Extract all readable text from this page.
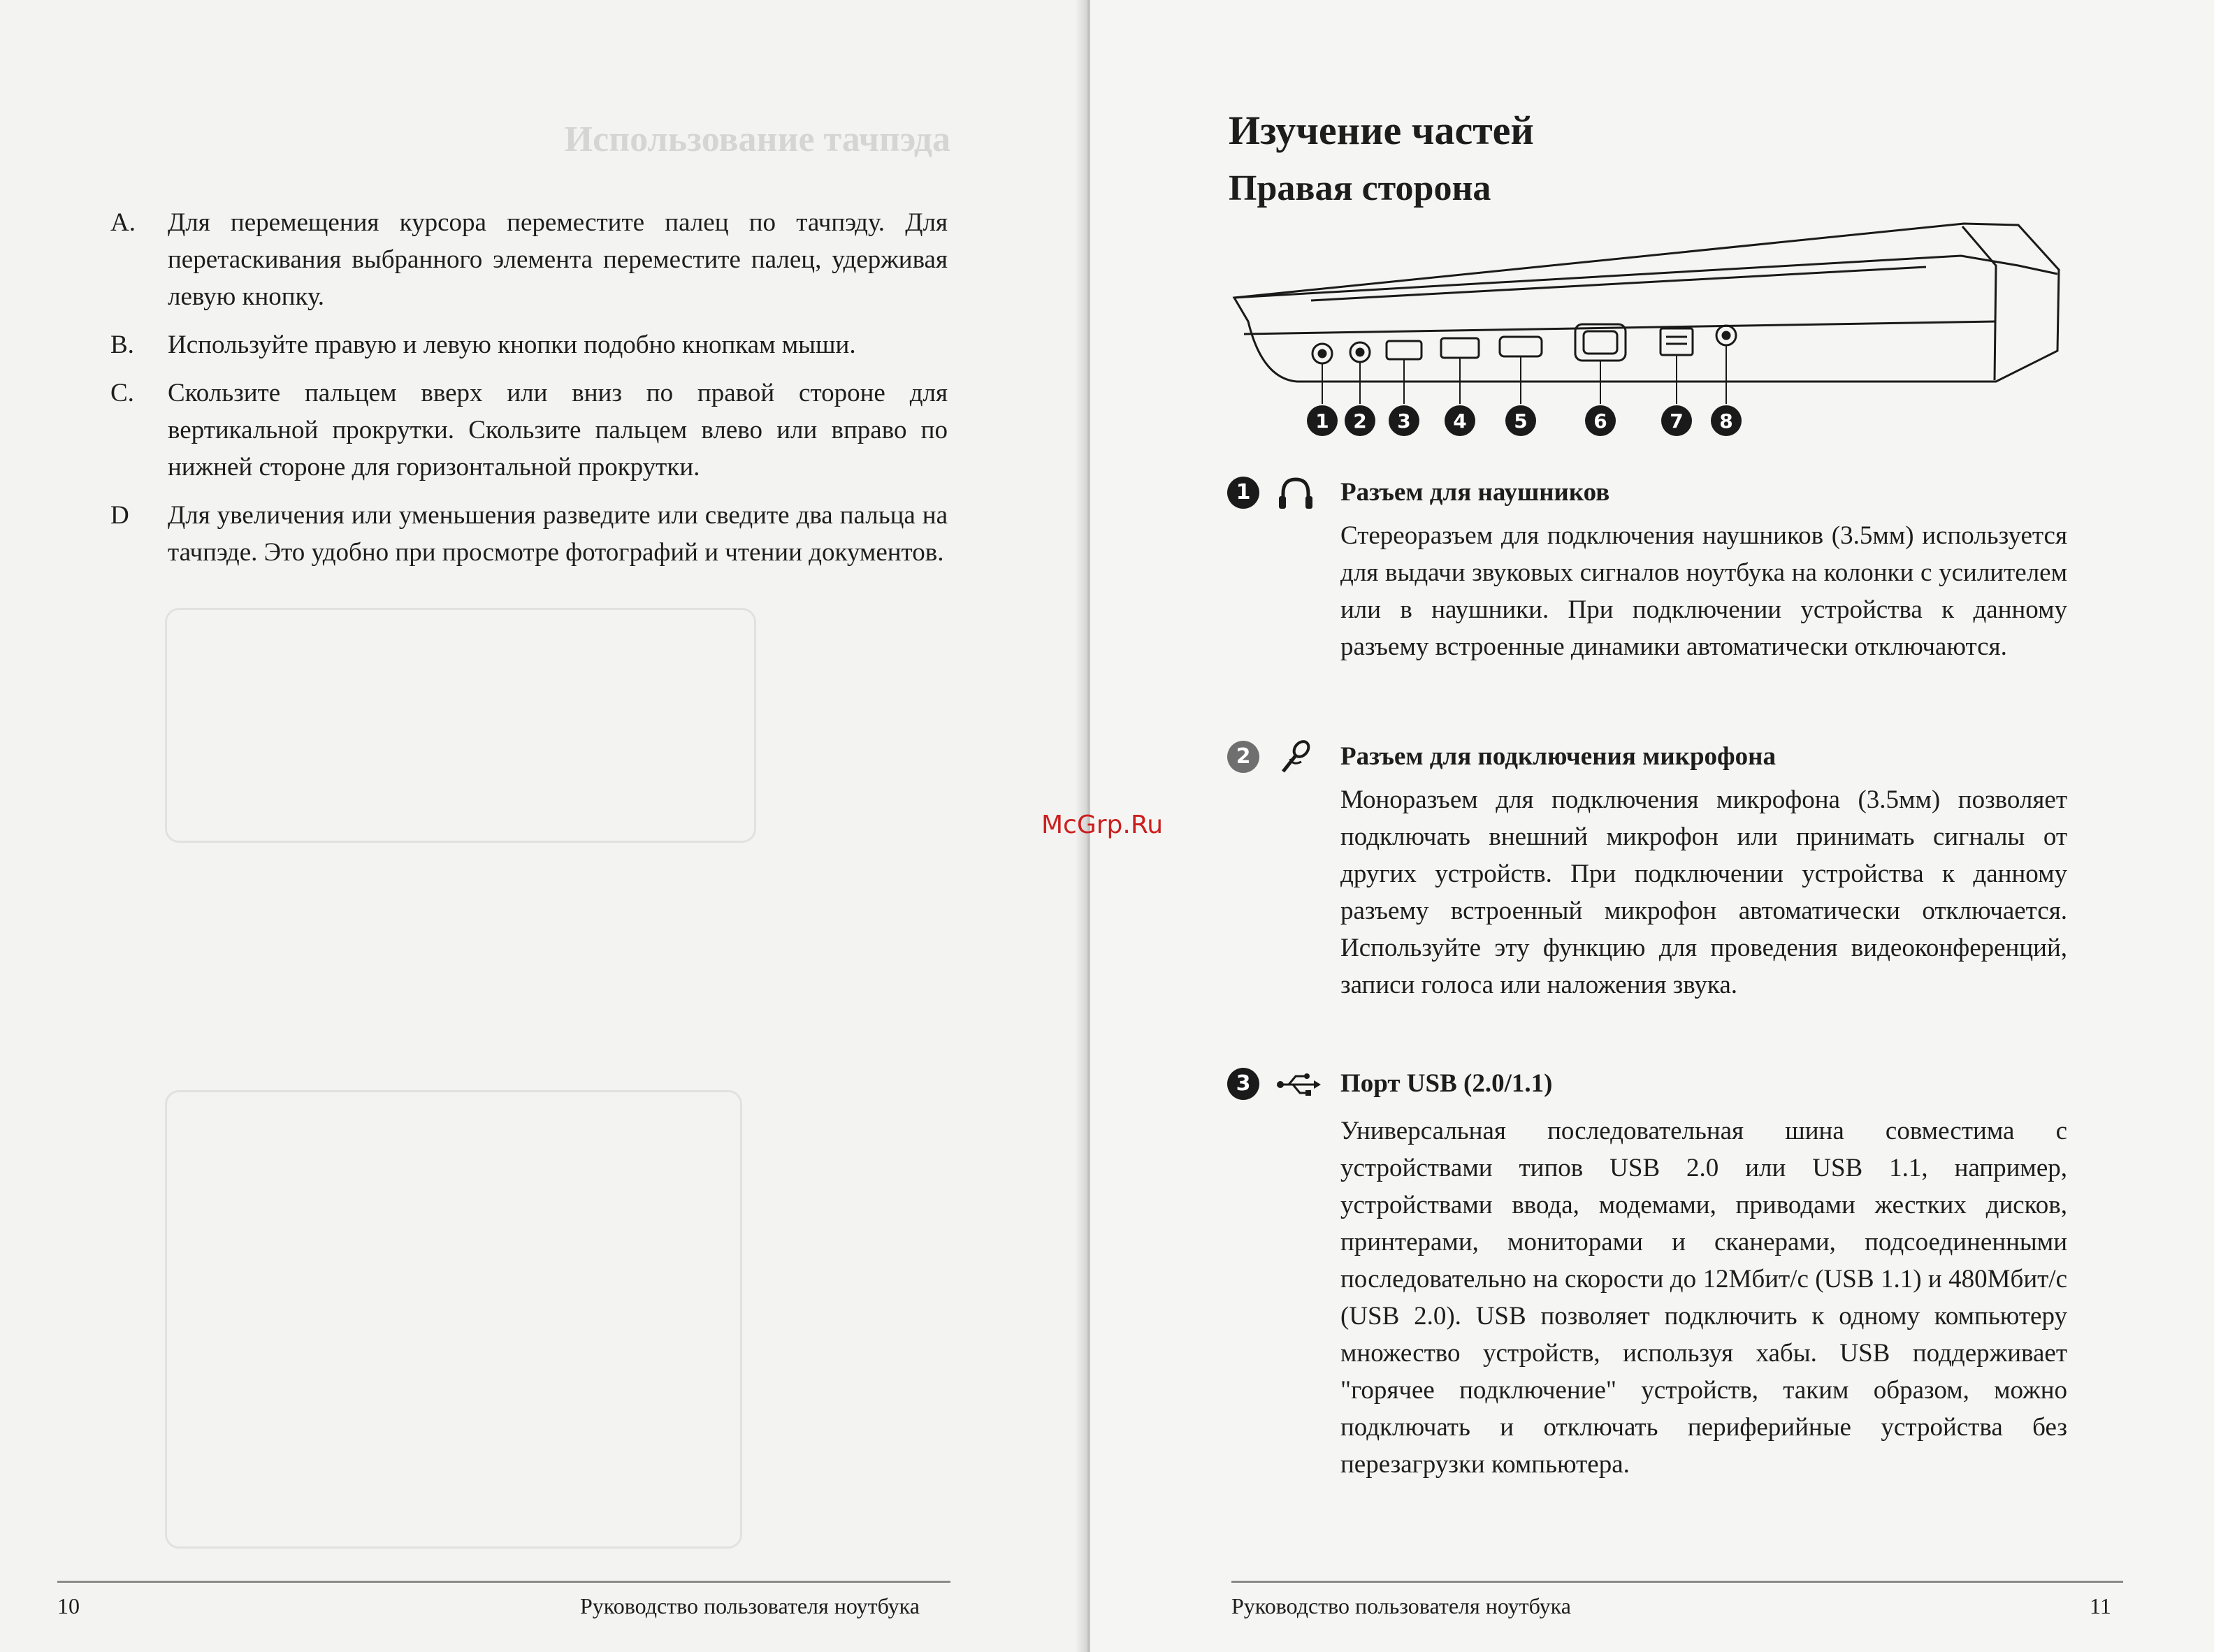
Использование тачпэда
A. Для перемещения курсора переместите палец по тачпэду. Для перетаскивания выбранного элемента переместите палец, удерживая левую кнопку.
B. Используйте правую и левую кнопки подобно кнопкам мыши.
C. Скользите пальцем вверх или вниз по правой стороне для вертикальной прокрутки. Скользите пальцем влево или вправо по нижней стороне для горизонтальной прокрутки.
D Для увеличения или уменьшения разведите или сведите два пальца на тачпэде. Это удобно при просмотре фотографий и чтении документов.
10	Руководство пользователя ноутбука
Изучение частей
Правая сторона
1 2 3 4 5	6	7 8
1	Разъем для наушников
Стереоразъем для подключения наушников (3.5мм) используется для выдачи звуковых сигналов ноутбука на колонки с усилителем или в наушники. При подключении устройства к данному разъему встроенные динамики автоматически отключаются.
2	Разъем для подключения микрофона
Моноразъем для подключения микрофона (3.5мм) позволяет подключать внешний микрофон или принимать сигналы от других устройств. При подключении устройства к данному разъему встроенный микрофон автоматически отключается. Используйте эту функцию для проведения видеоконференций, записи голоса или наложения звука.
3	Порт USB (2.0/1.1)
Универсальная последовательная шина совместима с устройствами типов USB 2.0 или USB 1.1, например, устройствами ввода, модемами, приводами жестких дисков, принтерами, мониторами и сканерами, подсоединенными последовательно на скорости до 12Мбит/с (USB 1.1) и 480Мбит/с (USB 2.0). USB позволяет подключить к одному компьютеру множество устройств, используя хабы. USB поддерживает "горячее подключение" устройств, таким образом, можно подключать и отключать периферийные устройства без перезагрузки компьютера.
Руководство пользователя ноутбука	11
McGrp.Ru
